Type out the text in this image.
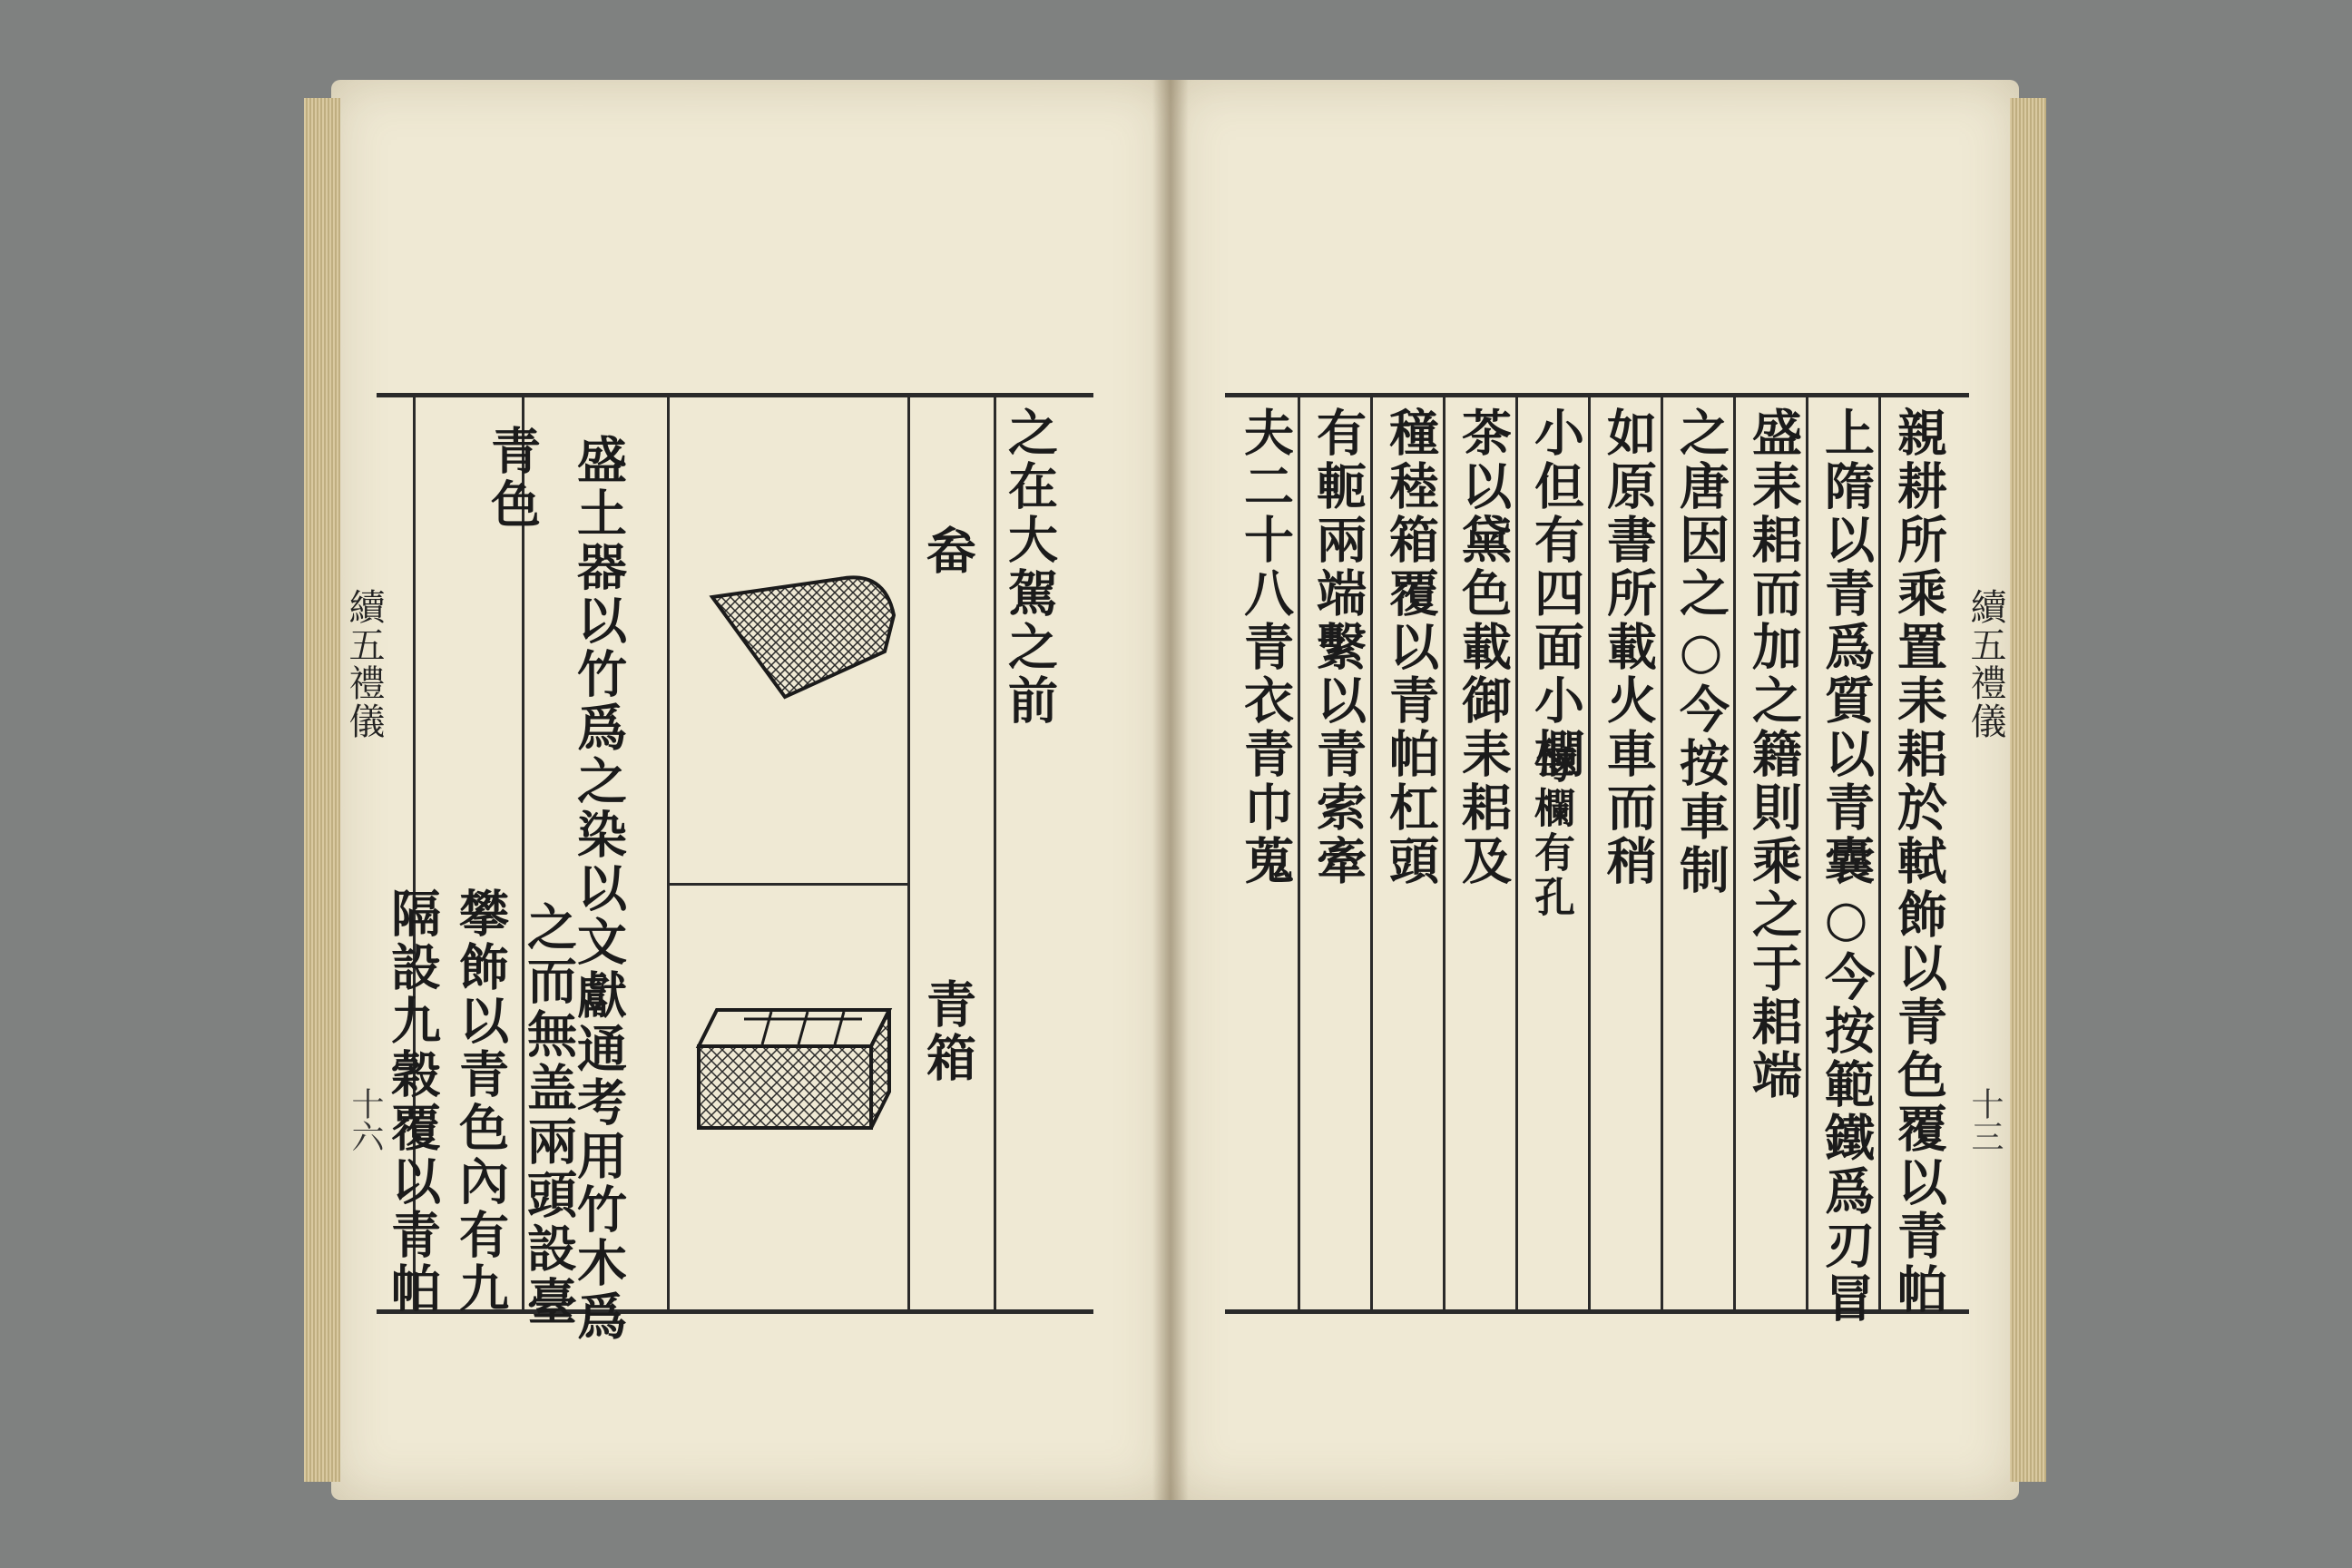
續五禮儀
十六
之在大駕之前
畚
青箱
盛土器以竹爲之染以文獻通考用竹木爲
青色
之而無盖兩頭設臺
攀飾以青色內有九
隔設九穀覆以青帕
續五禮儀
十三
親耕所乘置耒耜於軾飾以青色覆以青帕
上隋以青爲質以青囊○今按範鐵爲刃冒
盛耒耜而加之籍則乘之于耜端
之唐因之○今按車制
如原書所載火車而稍
小但有四面小欄
每欄有孔
茶以黛色載御耒耜及
穜稑箱覆以青帕杠頭
有軛兩端繫以青索牽
夫二十八青衣青巾蒐
